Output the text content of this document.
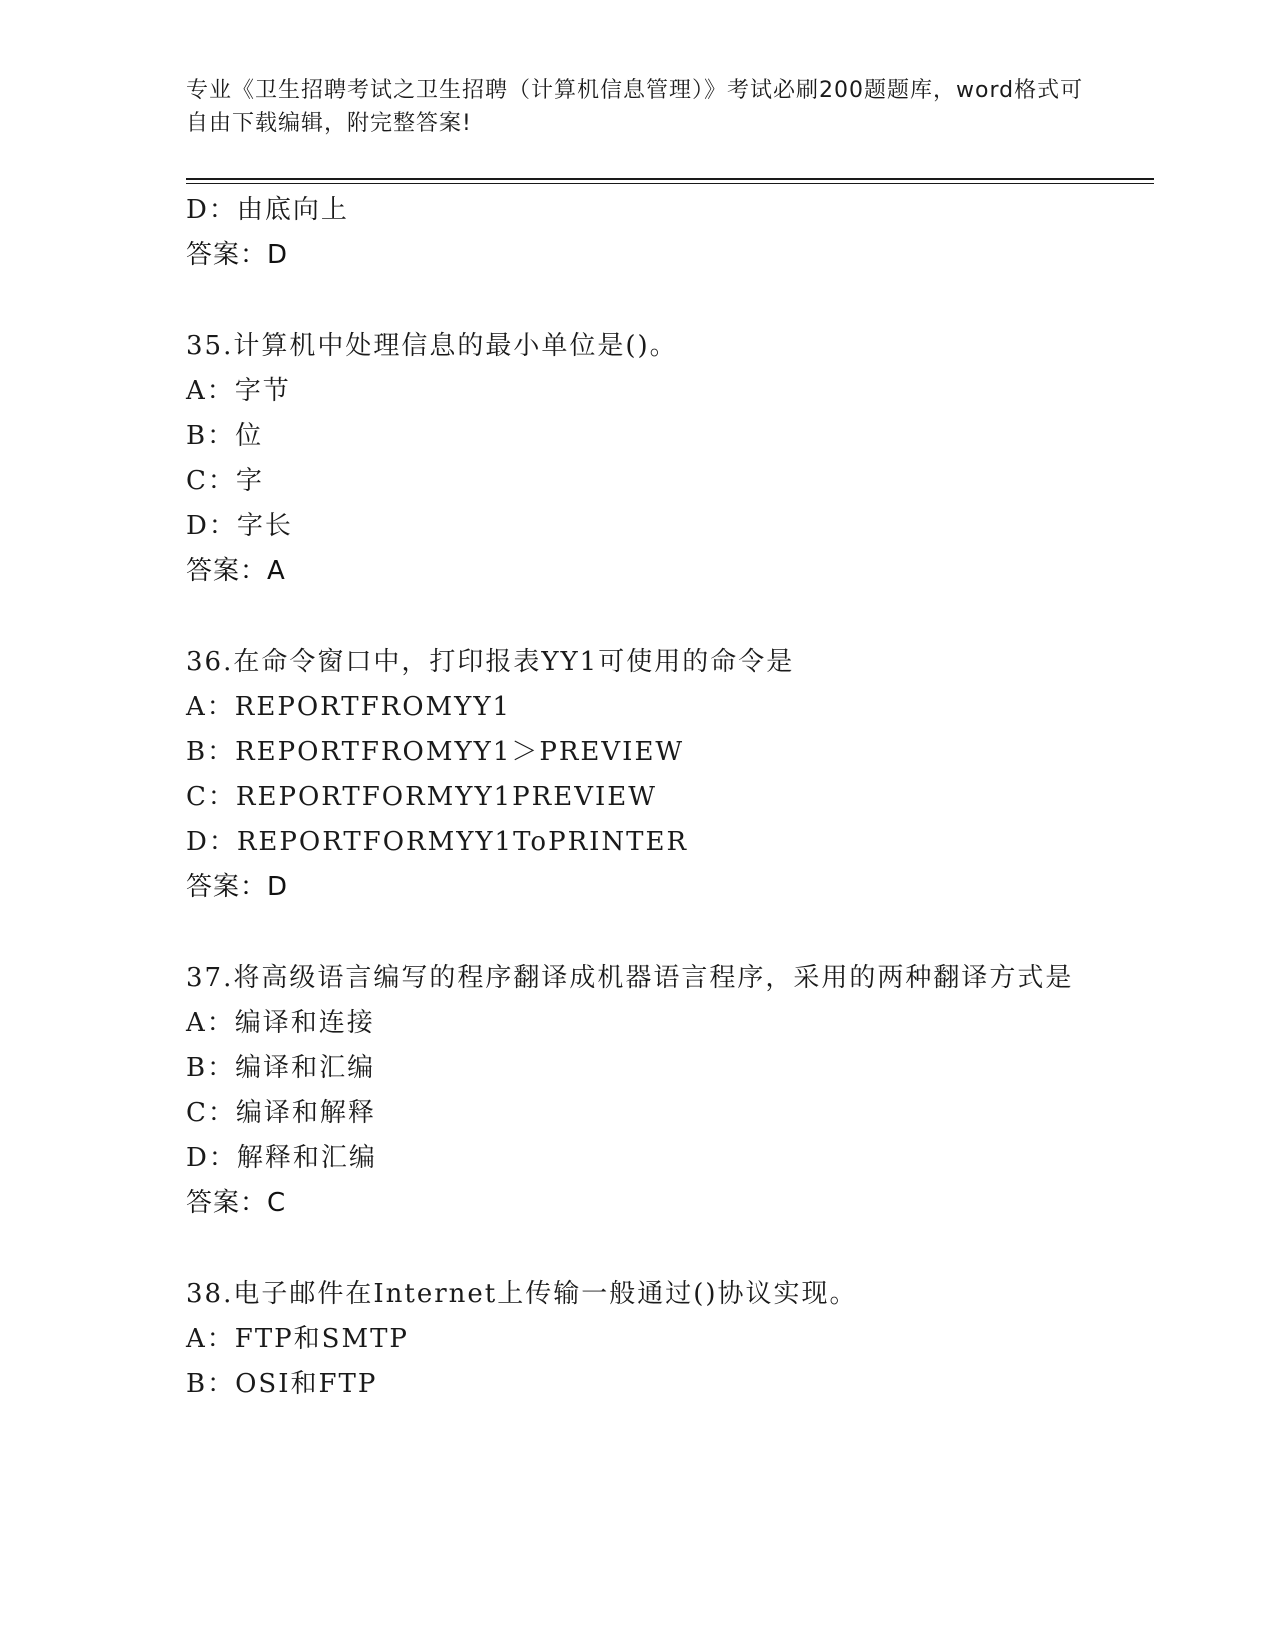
专业《卫生招聘考试之卫生招聘（计算机信息管理）》考试必刷200题题库，word格式可自由下载编辑，附完整答案!
D：由底向上
答案：D
35.计算机中处理信息的最小单位是()。
A：字节
B：位
C：字
D：字长
答案：A
36.在命令窗口中，打印报表YY1可使用的命令是
A：REPORTFROMYY1
B：REPORTFROMYY1＞PREVIEW
C：REPORTFORMYY1PREVIEW
D：REPORTFORMYY1ToPRINTER
答案：D
37.将高级语言编写的程序翻译成机器语言程序，采用的两种翻译方式是
A：编译和连接
B：编译和汇编
C：编译和解释
D：解释和汇编
答案：C
38.电子邮件在Internet上传输一般通过()协议实现。
A：FTP和SMTP
B：OSI和FTP
